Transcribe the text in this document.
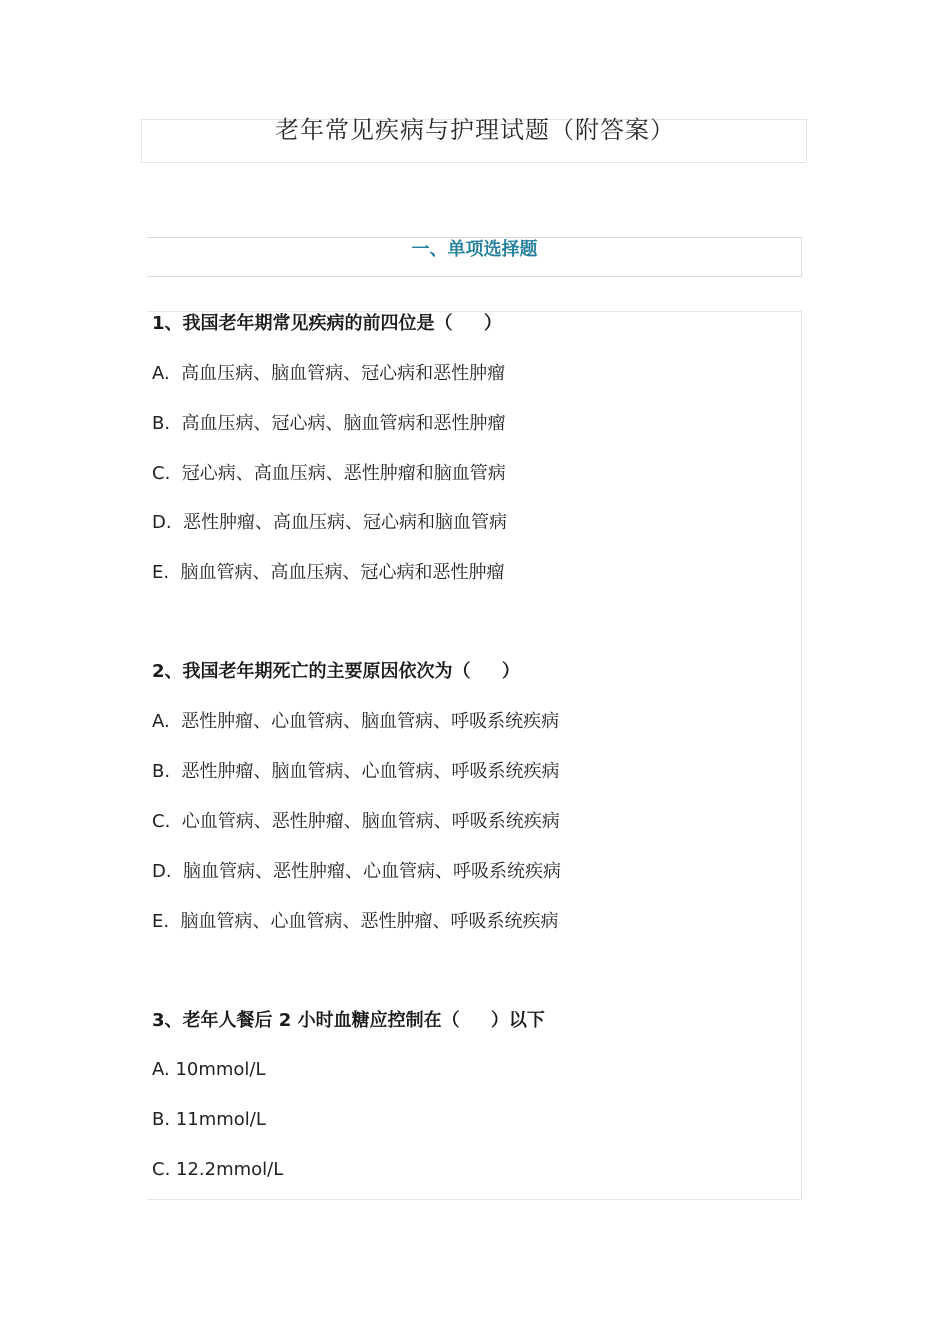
老年常见疾病与护理试题（附答案）
一、单项选择题
1、我国老年期常见疾病的前四位是（     ）
A.  高血压病、脑血管病、冠心病和恶性肿瘤
B.  高血压病、冠心病、脑血管病和恶性肿瘤
C.  冠心病、高血压病、恶性肿瘤和脑血管病
D.  恶性肿瘤、高血压病、冠心病和脑血管病
E.  脑血管病、高血压病、冠心病和恶性肿瘤
2、我国老年期死亡的主要原因依次为（     ）
A.  恶性肿瘤、心血管病、脑血管病、呼吸系统疾病
B.  恶性肿瘤、脑血管病、心血管病、呼吸系统疾病
C.  心血管病、恶性肿瘤、脑血管病、呼吸系统疾病
D.  脑血管病、恶性肿瘤、心血管病、呼吸系统疾病
E.  脑血管病、心血管病、恶性肿瘤、呼吸系统疾病
3、老年人餐后 2 小时血糖应控制在（     ）以下
A. 10mmol/L
B. 11mmol/L
C. 12.2mmol/L
